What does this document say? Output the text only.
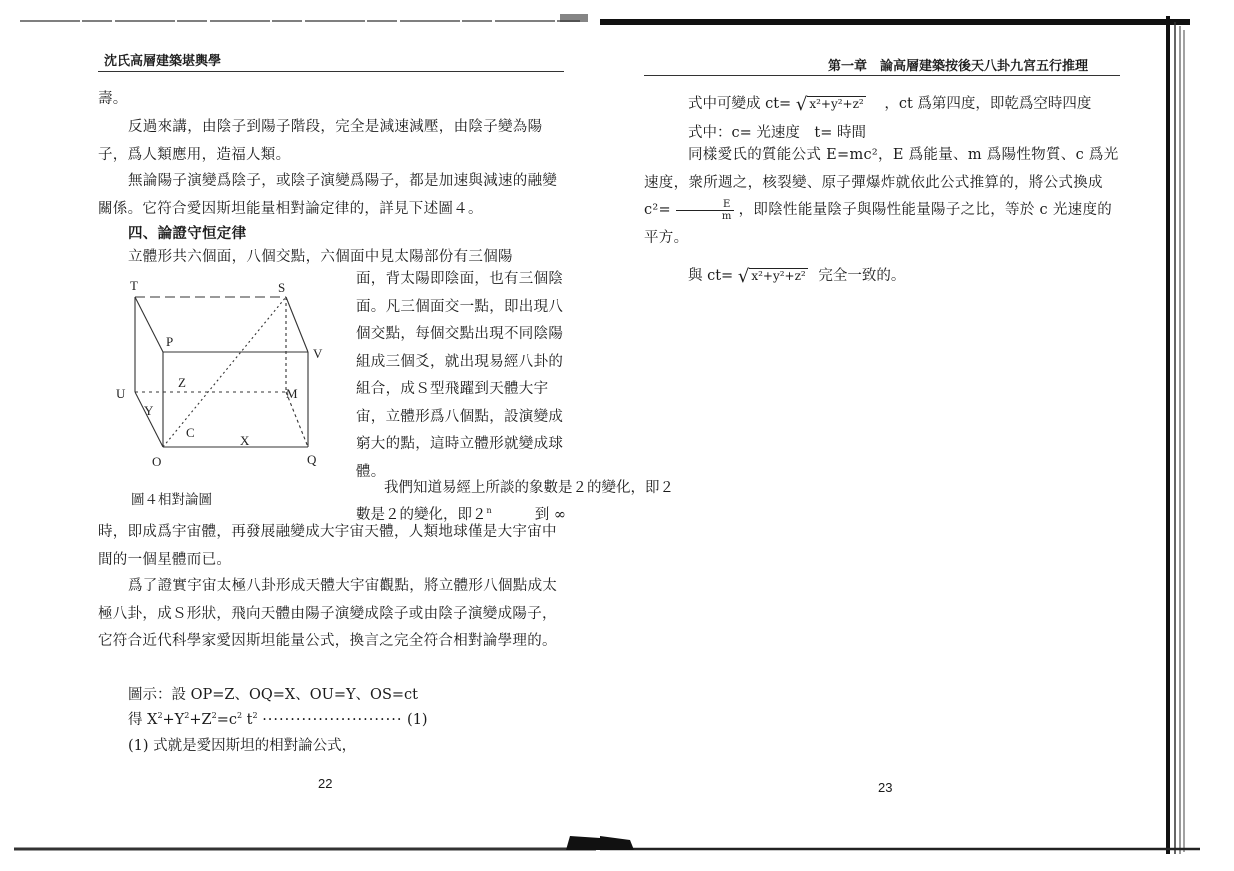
沈氏高層建築堪輿學
壽。
反過來講，由陰子到陽子階段，完全是減速減壓，由陰子變為陽子，爲人類應用，造福人類。
無論陽子演變爲陰子，或陰子演變爲陽子，都是加速與減速的融變關係。它符合愛因斯坦能量相對論定律的，詳見下述圖４。
四、論證守恒定律
立體形共六個面，八個交點，六個面中見太陽部份有三個陽
T	S
P
V
Z
M
U
Y
C
X
O	Q
圖４相對論圖
面，背太陽即陰面，也有三個陰面。凡三個面交一點，即出現八個交點，每個交點出現不同陰陽組成三個爻，就出現易經八卦的組合，成Ｓ型飛躍到天體大宇宙，立體形爲八個點，設演變成窮大的點，這時立體形就變成球體。
我們知道易經上所談的象數是２的變化，即２
數是２的變化，即２$^n$	到 ∞
時，即成爲宇宙體，再發展融變成大宇宙天體，人類地球僅是大宇宙中間的一個星體而已。
爲了證實宇宙太極八卦形成天體大宇宙觀點，將立體形八個點成太極八卦，成Ｓ形狀，飛向天體由陽子演變成陰子或由陰子演變成陽子，它符合近代科學家愛因斯坦能量公式，換言之完全符合相對論學理的。
圖示：設 OP=Z、OQ=X、OU=Y、OS=ct
得 $X^2+Y^2+Z^2=c^2$ $t^2$ ························· (1)
(1) 式就是愛因斯坦的相對論公式，
22
第一章　論高層建築按後天八卦九宮五行推理
式中可變成 ct= √ x²+y²+z² ，ct 爲第四度，即乾爲空時四度
式中：c= 光速度　t= 時間
同樣愛氏的質能公式 E=mc²，E 爲能量、m 爲陽性物質、c 爲光速度，衆所週之，核裂變、原子彈爆炸就依此公式推算的，將公式換成 $c^2= \frac{E}{m}$ ，即陰性能量陰子與陽性能量陽子之比，等於 c 光速度的平方。
與 ct= √ x²+y²+z² 完全一致的。
23
